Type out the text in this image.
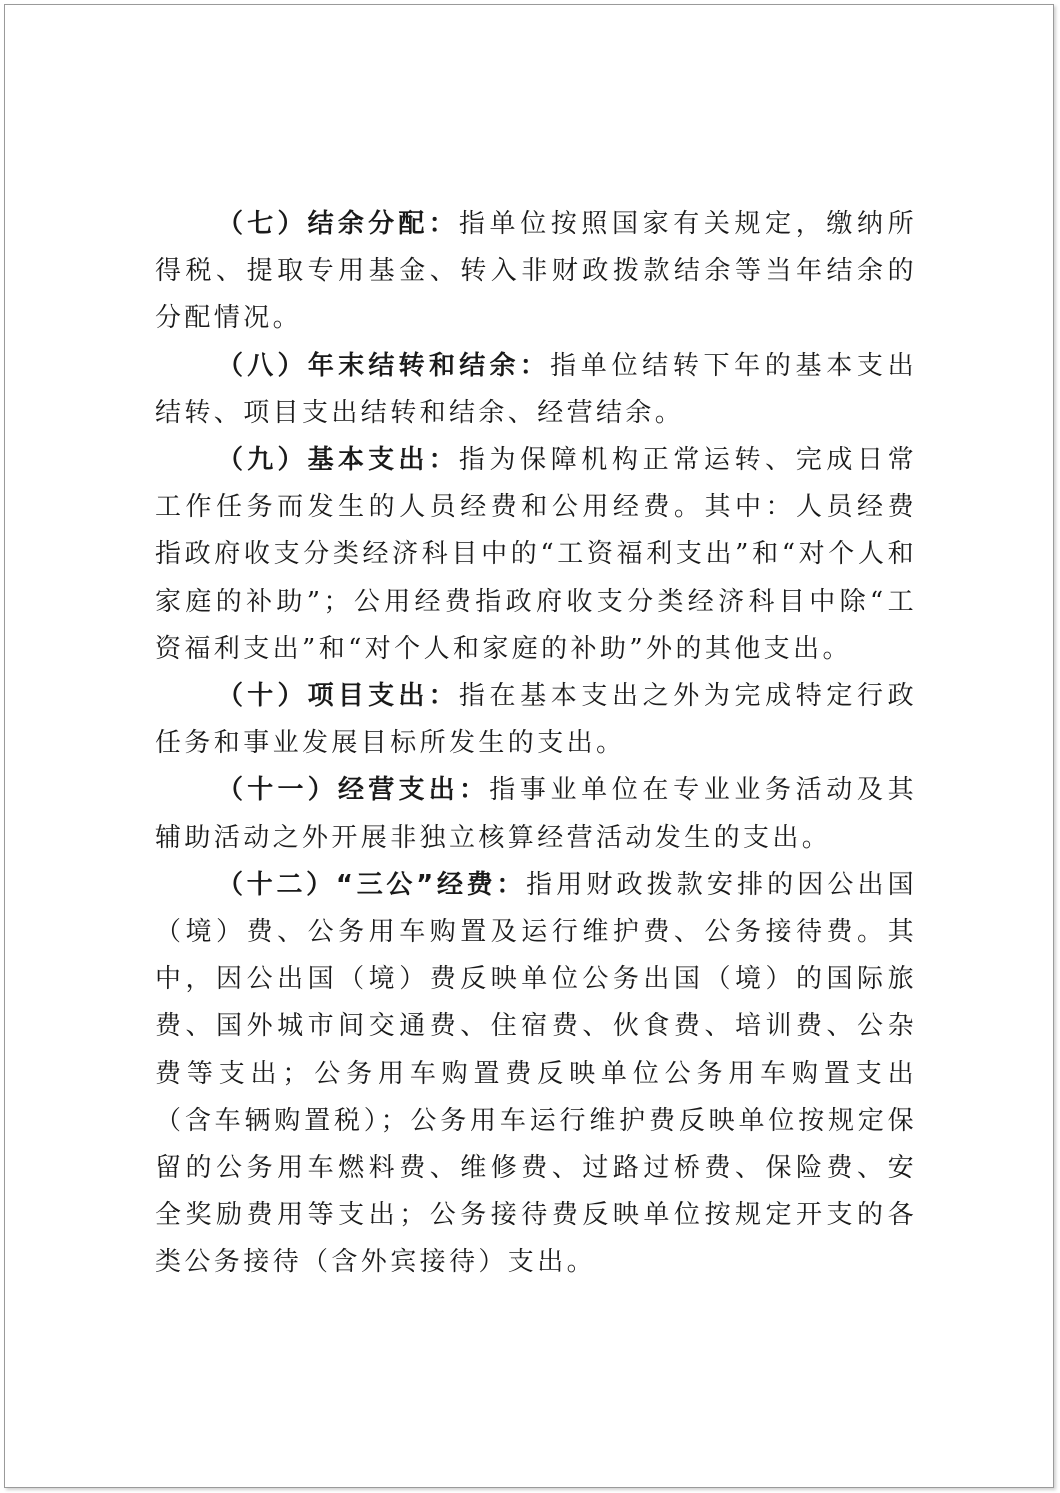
（七）结余分配：指单位按照国家有关规定，缴纳所得税、提取专用基金、转入非财政拨款结余等当年结余的分配情况。

（八）年末结转和结余：指单位结转下年的基本支出结转、项目支出结转和结余、经营结余。

（九）基本支出：指为保障机构正常运转、完成日常工作任务而发生的人员经费和公用经费。其中：人员经费指政府收支分类经济科目中的“工资福利支出”和“对个人和家庭的补助”；公用经费指政府收支分类经济科目中除“工资福利支出”和“对个人和家庭的补助”外的其他支出。

（十）项目支出：指在基本支出之外为完成特定行政任务和事业发展目标所发生的支出。

（十一）经营支出：指事业单位在专业业务活动及其辅助活动之外开展非独立核算经营活动发生的支出。

（十二）“三公”经费：指用财政拨款安排的因公出国（境）费、公务用车购置及运行维护费、公务接待费。其中，因公出国（境）费反映单位公务出国（境）的国际旅费、国外城市间交通费、住宿费、伙食费、培训费、公杂费等支出；公务用车购置费反映单位公务用车购置支出（含车辆购置税）；公务用车运行维护费反映单位按规定保留的公务用车燃料费、维修费、过路过桥费、保险费、安全奖励费用等支出；公务接待费反映单位按规定开支的各类公务接待（含外宾接待）支出。
